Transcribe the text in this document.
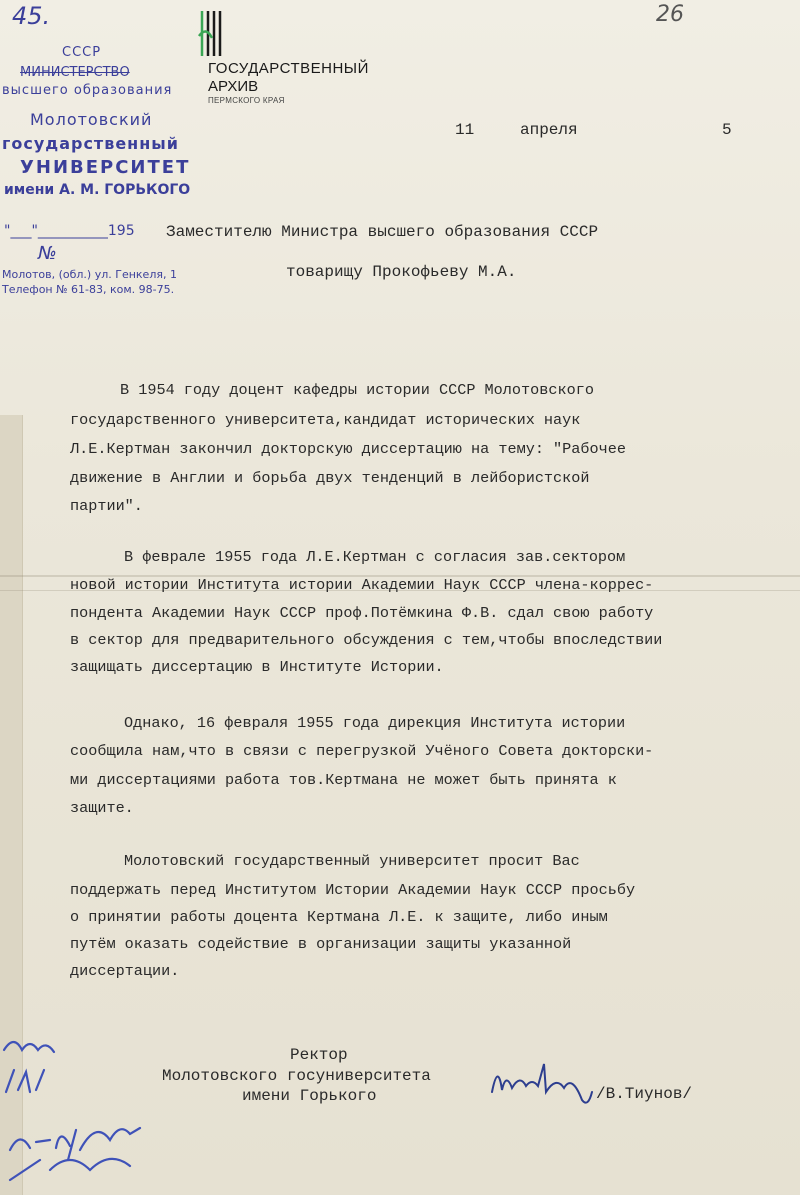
45.
ГОСУДАРСТВЕННЫЙ
АРХИВ
ПЕРМСКОГО КРАЯ
26
СССР
МИНИСТЕРСТВО
высшего образования
Молотовский
государственный
УНИВЕРСИТЕТ
имени А. М. ГОРЬКОГО
"___"__________195
№
Молотов, (обл.) ул. Генкеля, 1
Телефон № 61-83, ком. 98-75.
11	апреля	5
Заместителю Министра высшего образования СССР
товарищу Прокофьеву М.А.
В 1954 году доцент кафедры истории СССР Молотовского
государственного университета,кандидат исторических наук
Л.Е.Кертман закончил докторскую диссертацию на тему: "Рабочее
движение в Англии и борьба двух тенденций в лейбористской
партии".
В феврале 1955 года Л.Е.Кертман с согласия зав.сектором
новой истории Института истории Академии Наук СССР члена-коррес-
пондента Академии Наук СССР проф.Потёмкина Ф.В. сдал свою работу
в сектор для предварительного обсуждения с тем,чтобы впоследствии
защищать диссертацию в Институте Истории.
Однако, 16 февраля 1955 года дирекция Института истории
сообщила нам,что в связи с перегрузкой Учёного Совета докторски-
ми диссертациями работа тов.Кертмана не может быть принята к
защите.
Молотовский государственный университет просит Вас
поддержать перед Институтом Истории Академии Наук СССР просьбу
о принятии работы доцента Кертмана Л.Е. к защите, либо иным
путём оказать содействие в организации защиты указанной
диссертации.
Ректор
Молотовского госуниверситета
имени Горького	/В.Тиунов/
